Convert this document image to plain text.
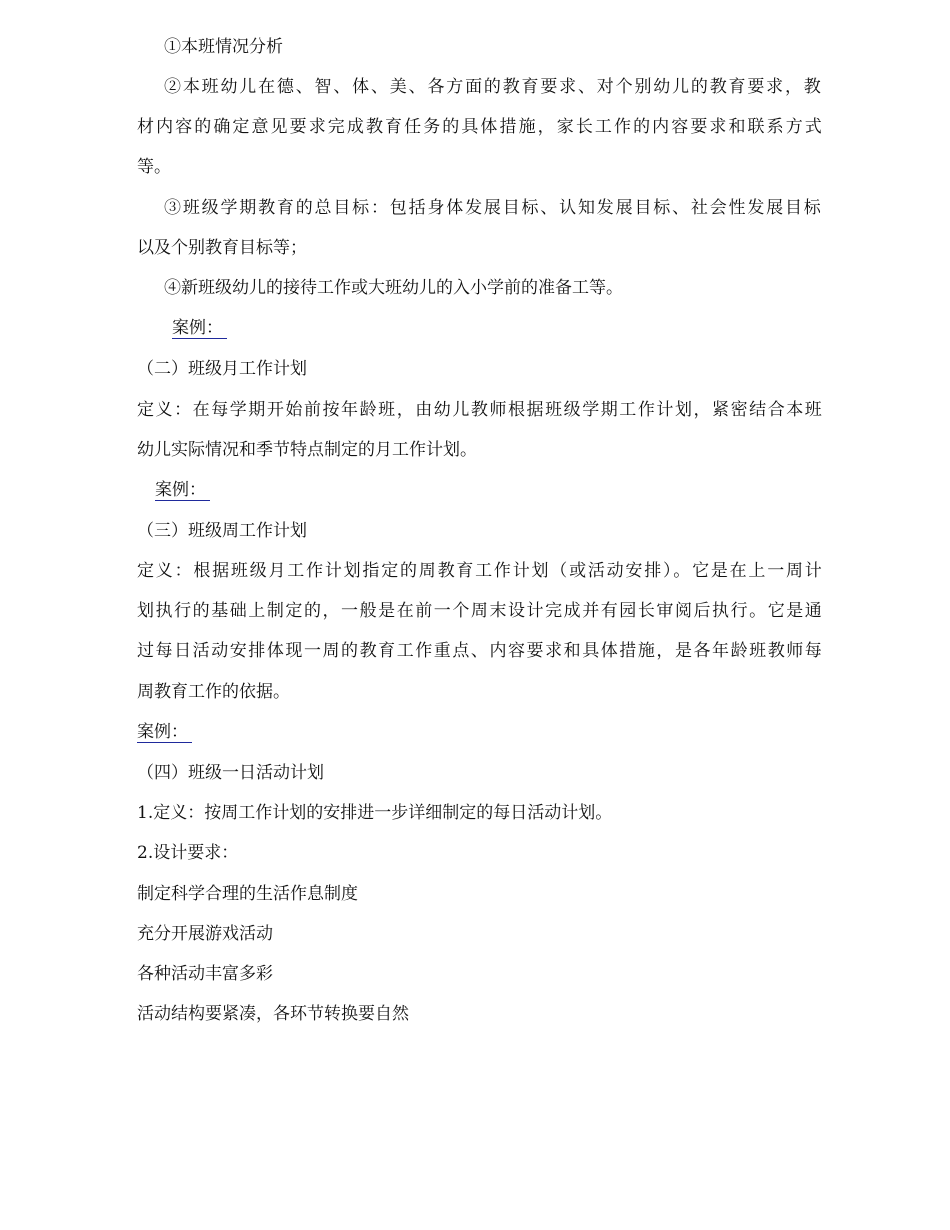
①本班情况分析
②本班幼儿在德、智、体、美、各方面的教育要求、对个别幼儿的教育要求，教
材内容的确定意见要求完成教育任务的具体措施，家长工作的内容要求和联系方式
等。
③班级学期教育的总目标：包括身体发展目标、认知发展目标、社会性发展目标
以及个别教育目标等；
④新班级幼儿的接待工作或大班幼儿的入小学前的准备工等。
案例：
（二）班级月工作计划
定义：在每学期开始前按年龄班，由幼儿教师根据班级学期工作计划，紧密结合本班
幼儿实际情况和季节特点制定的月工作计划。
案例：
（三）班级周工作计划
定义：根据班级月工作计划指定的周教育工作计划（或活动安排）。它是在上一周计
划执行的基础上制定的，一般是在前一个周末设计完成并有园长审阅后执行。它是通
过每日活动安排体现一周的教育工作重点、内容要求和具体措施，是各年龄班教师每
周教育工作的依据。
案例：
（四）班级一日活动计划
1.定义：按周工作计划的安排进一步详细制定的每日活动计划。
2.设计要求：
制定科学合理的生活作息制度
充分开展游戏活动
各种活动丰富多彩
活动结构要紧凑，各环节转换要自然
